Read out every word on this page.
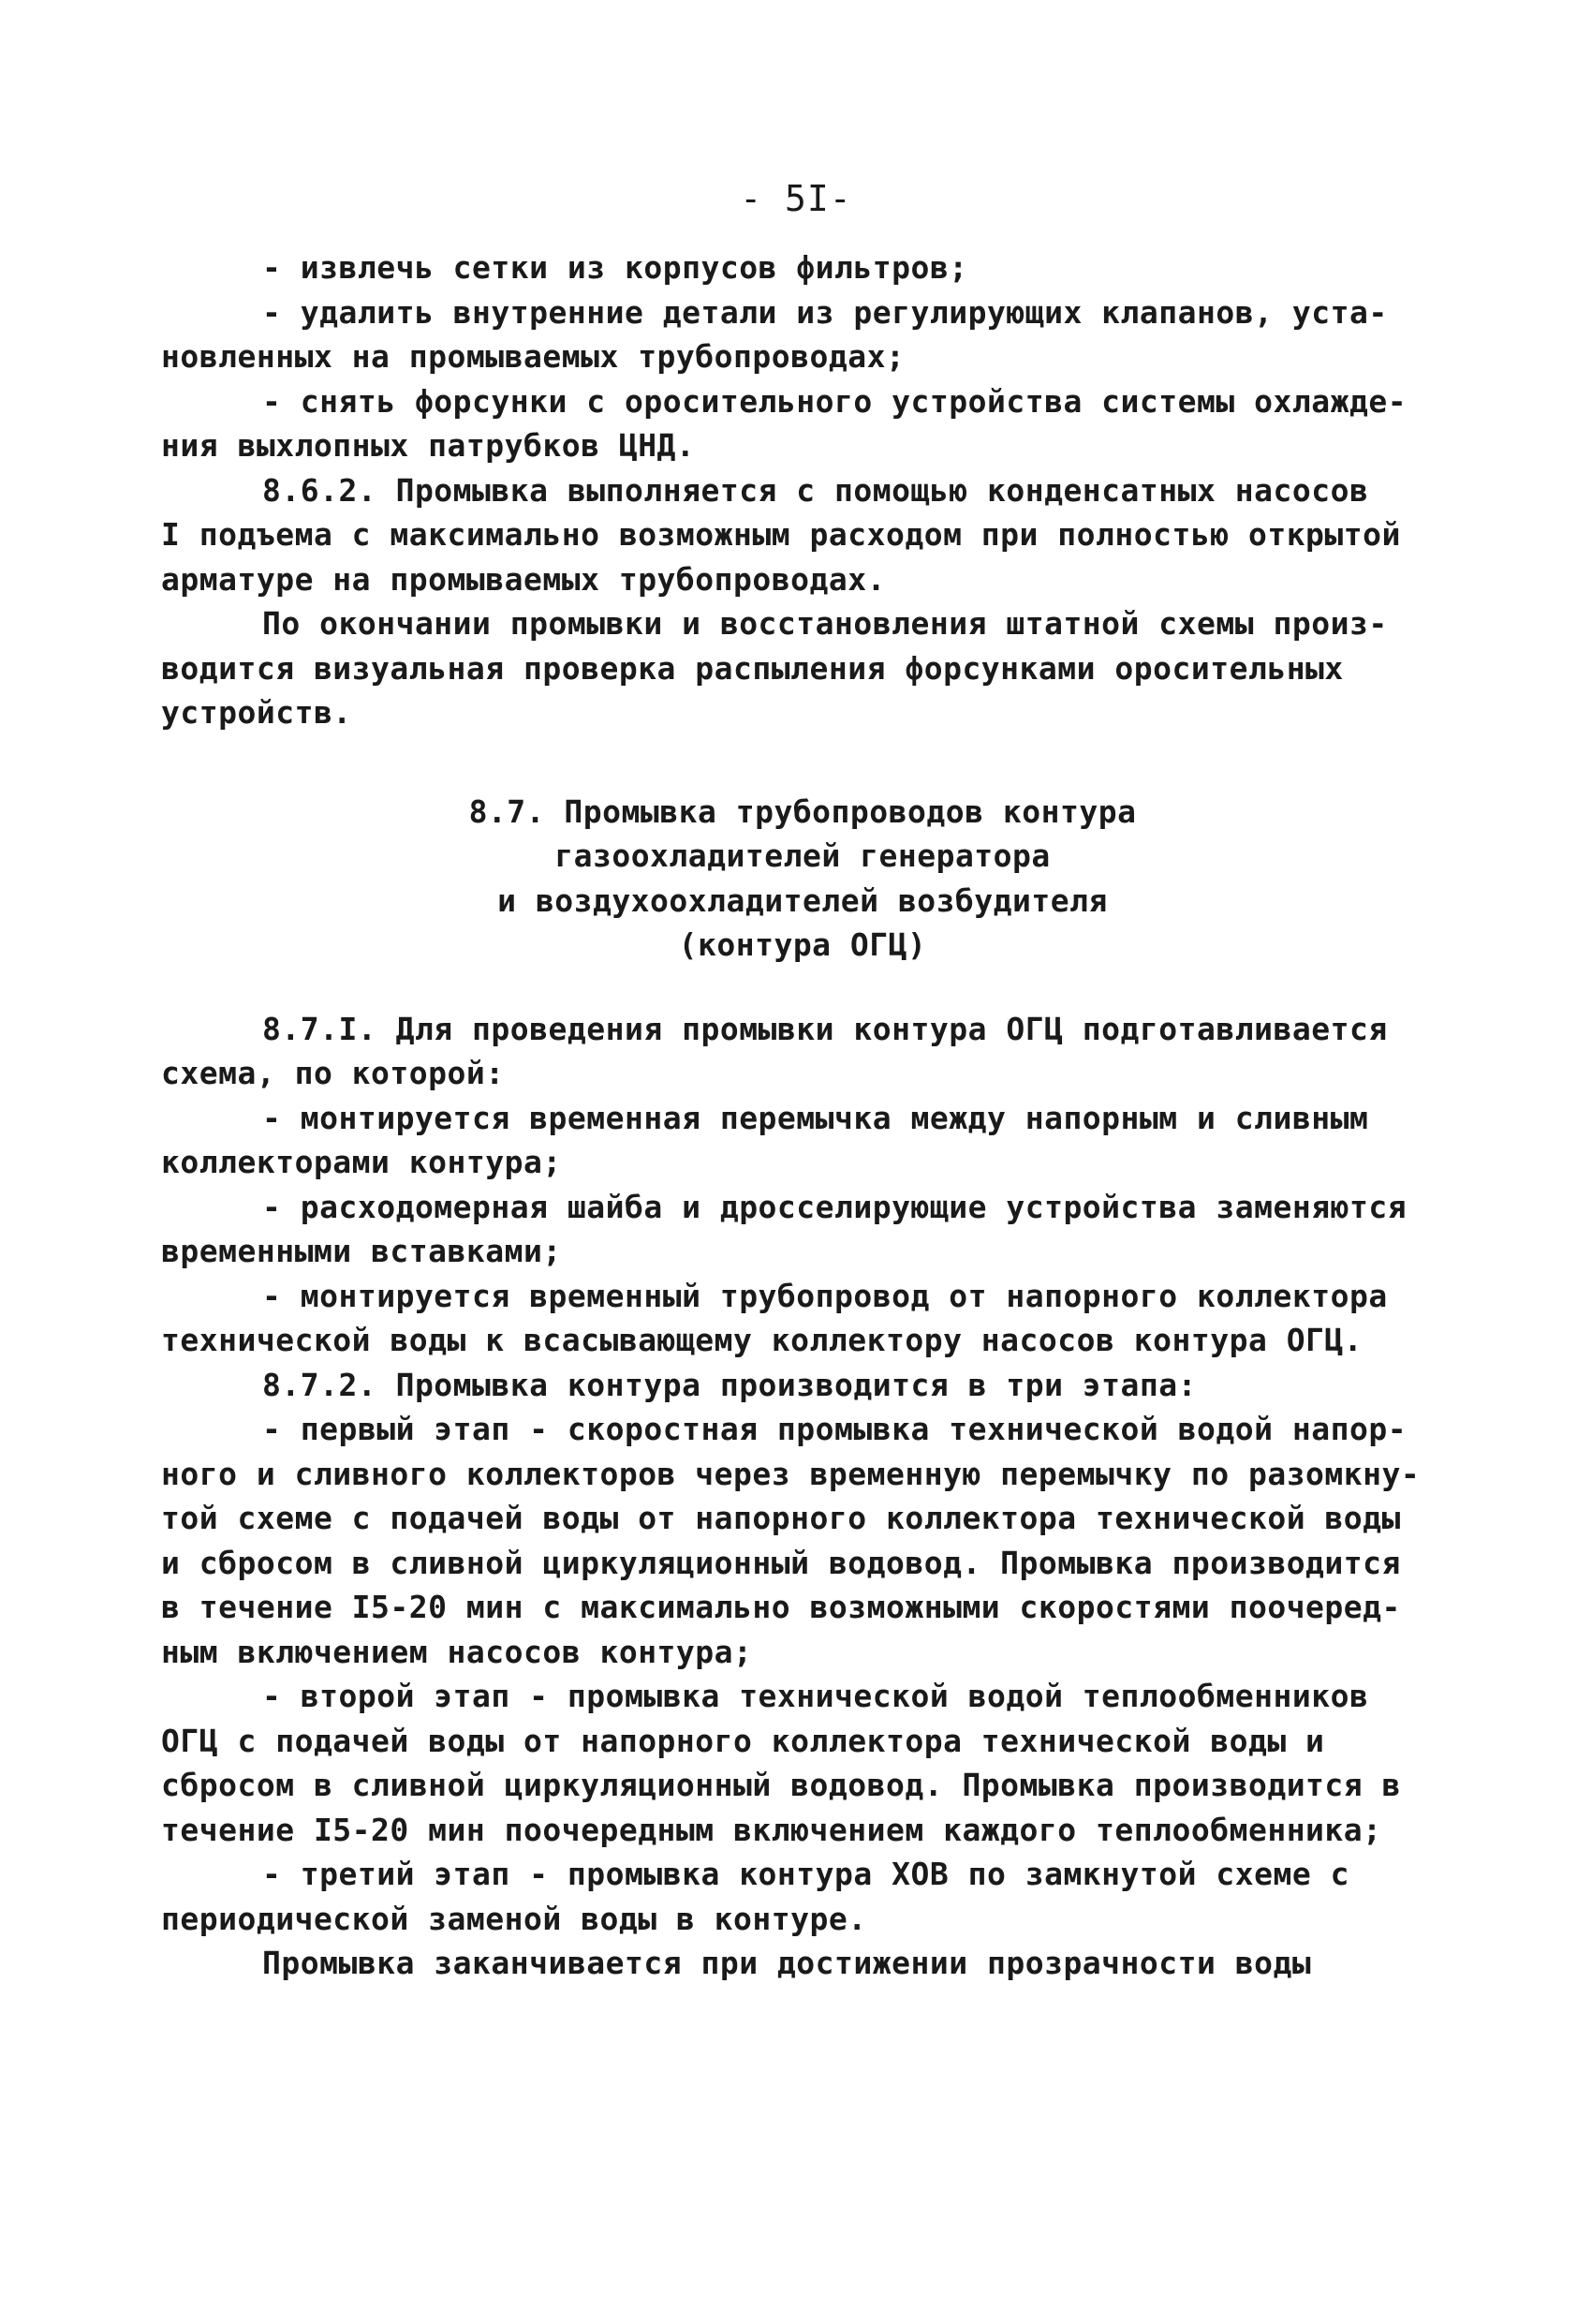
- 5I-
- извлечь сетки из корпусов фильтров;
- удалить внутренние детали из регулирующих клапанов, уста-
новленных на промываемых трубопроводах;
- снять форсунки с оросительного устройства системы охлажде-
ния выхлопных патрубков ЦНД.
8.6.2. Промывка выполняется с помощью конденсатных насосов
I подъема с максимально возможным расходом при полностью открытой
арматуре на промываемых трубопроводах.
По окончании промывки и восстановления штатной схемы произ-
водится визуальная проверка распыления форсунками оросительных
устройств.
8.7. Промывка трубопроводов контура
газоохладителей генератора
и воздухоохладителей возбудителя
(контура ОГЦ)
8.7.I. Для проведения промывки контура ОГЦ подготавливается
схема, по которой:
- монтируется временная перемычка между напорным и сливным
коллекторами контура;
- расходомерная шайба и дросселирующие устройства заменяются
временными вставками;
- монтируется временный трубопровод от напорного коллектора
технической воды к всасывающему коллектору насосов контура ОГЦ.
8.7.2. Промывка контура производится в три этапа:
- первый этап - скоростная промывка технической водой напор-
ного и сливного коллекторов через временную перемычку по разомкну-
той схеме с подачей воды от напорного коллектора технической воды
и сбросом в сливной циркуляционный водовод. Промывка производится
в течение I5-20 мин с максимально возможными скоростями поочеред-
ным включением насосов контура;
- второй этап - промывка технической водой теплообменников
ОГЦ с подачей воды от напорного коллектора технической воды и
сбросом в сливной циркуляционный водовод. Промывка производится в
течение I5-20 мин поочередным включением каждого теплообменника;
- третий этап - промывка контура ХОВ по замкнутой схеме с
периодической заменой воды в контуре.
Промывка заканчивается при достижении прозрачности воды
